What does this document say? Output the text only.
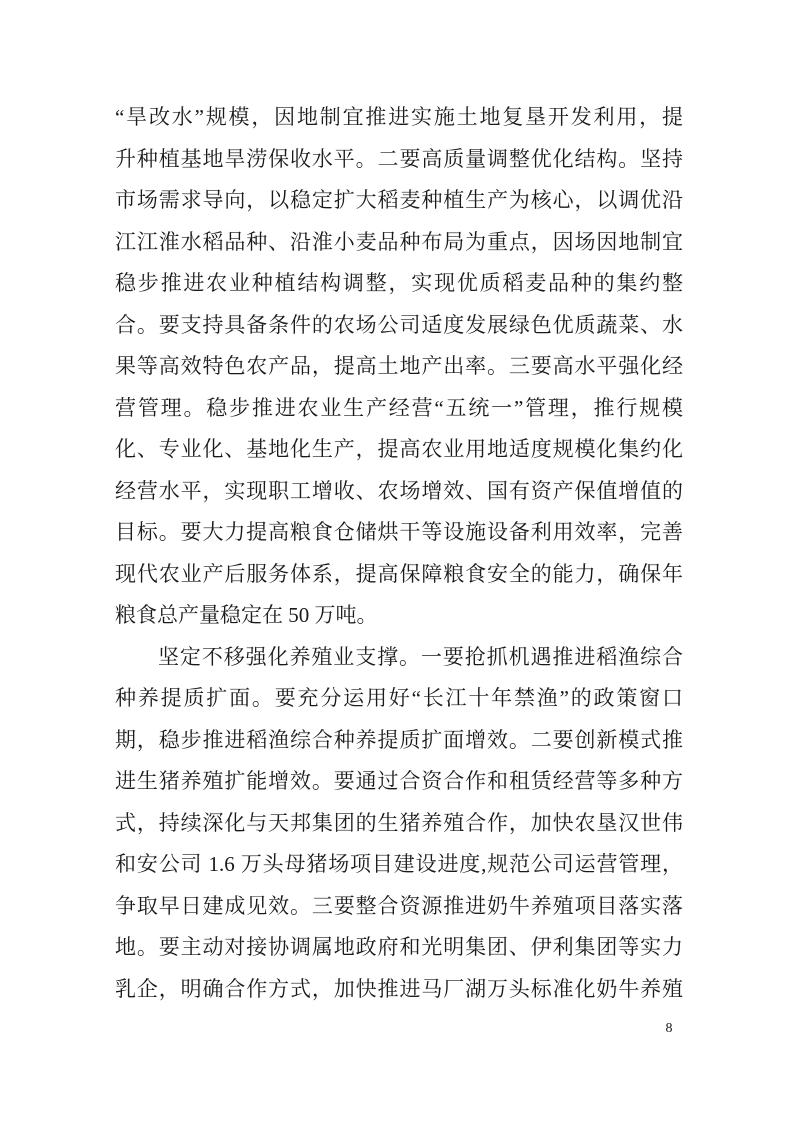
“旱改水”规模，因地制宜推进实施土地复垦开发利用，提
升种植基地旱涝保收水平。二要高质量调整优化结构。坚持
市场需求导向，以稳定扩大稻麦种植生产为核心，以调优沿
江江淮水稻品种、沿淮小麦品种布局为重点，因场因地制宜
稳步推进农业种植结构调整，实现优质稻麦品种的集约整
合。要支持具备条件的农场公司适度发展绿色优质蔬菜、水
果等高效特色农产品，提高土地产出率。三要高水平强化经
营管理。稳步推进农业生产经营“五统一”管理，推行规模
化、专业化、基地化生产，提高农业用地适度规模化集约化
经营水平，实现职工增收、农场增效、国有资产保值增值的
目标。要大力提高粮食仓储烘干等设施设备利用效率，完善
现代农业产后服务体系，提高保障粮食安全的能力，确保年
粮食总产量稳定在 50 万吨。
坚定不移强化养殖业支撑。一要抢抓机遇推进稻渔综合
种养提质扩面。要充分运用好“长江十年禁渔”的政策窗口
期，稳步推进稻渔综合种养提质扩面增效。二要创新模式推
进生猪养殖扩能增效。要通过合资合作和租赁经营等多种方
式，持续深化与天邦集团的生猪养殖合作，加快农垦汉世伟
和安公司 1.6 万头母猪场项目建设进度,规范公司运营管理，
争取早日建成见效。三要整合资源推进奶牛养殖项目落实落
地。要主动对接协调属地政府和光明集团、伊利集团等实力
乳企，明确合作方式，加快推进马厂湖万头标准化奶牛养殖
8
